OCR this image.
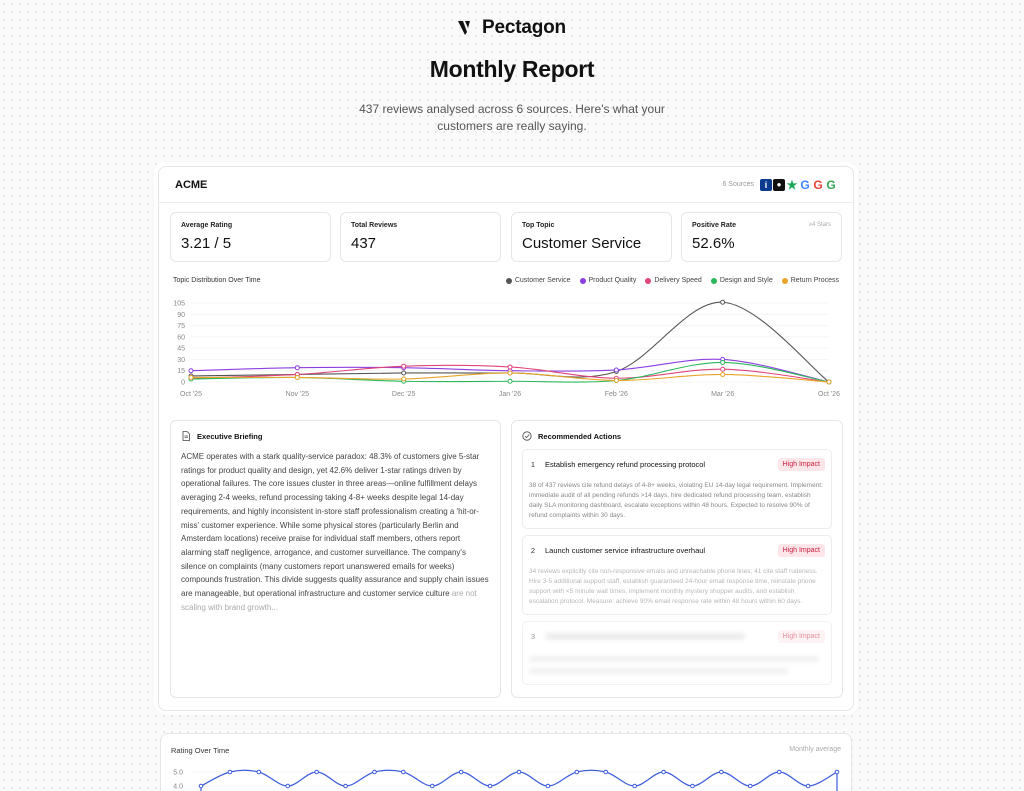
Pectagon
Monthly Report

437 reviews analysed across 6 sources. Here's what your customers are really saying.

ACME	6 Sources	i	● ★ G G G
Average Rating
3.21 / 5
Total Reviews
437
Top Topic
Customer Service
Positive Rate
52.6%
≥4 Stars
Topic Distribution Over Time	Customer Service	Product Quality	Delivery Speed	Design and Style	Return Process
0
15
30
45
60
75
90
105
Oct '25	Nov '25	Dec '25	Jan '26	Feb '26	Mar '26	Oct '26
Executive Briefing

ACME operates with a stark quality-service paradox: 48.3% of customers give 5-star ratings for product quality and design, yet 42.6% deliver 1-star ratings driven by operational failures. The core issues cluster in three areas—online fulfillment delays averaging 2-4 weeks, refund processing taking 4-8+ weeks despite legal 14-day requirements, and highly inconsistent in-store staff professionalism creating a 'hit-or-miss' customer experience. While some physical stores (particularly Berlin and Amsterdam locations) receive praise for individual staff members, others report alarming staff negligence, arrogance, and customer surveillance. The company's silence on complaints (many customers report unanswered emails for weeks) compounds frustration. This divide suggests quality assurance and supply chain issues are manageable, but operational infrastructure and customer service culture are not scaling with brand growth...

Recommended Actions
1 Establish emergency refund processing protocol	High Impact

38 of 437 reviews cite refund delays of 4-8+ weeks, violating EU 14-day legal requirement. Implement: immediate audit of all pending refunds >14 days, hire dedicated refund processing team, establish daily SLA monitoring dashboard, escalate exceptions within 48 hours. Expected to resolve 90% of refund complaints within 30 days.

2 Launch customer service infrastructure overhaul	High Impact

34 reviews explicitly cite non-responsive emails and unreachable phone lines; 41 cite staff rudeness. Hire 3-5 additional support staff, establish guaranteed 24-hour email response time, reinstate phone support with <5 minute wait times, implement monthly mystery shopper audits, and establish escalation protocol. Measure: achieve 90% email response rate within 48 hours within 60 days.

3	High Impact
Rating Over Time	Monthly average
4.0
5.0
